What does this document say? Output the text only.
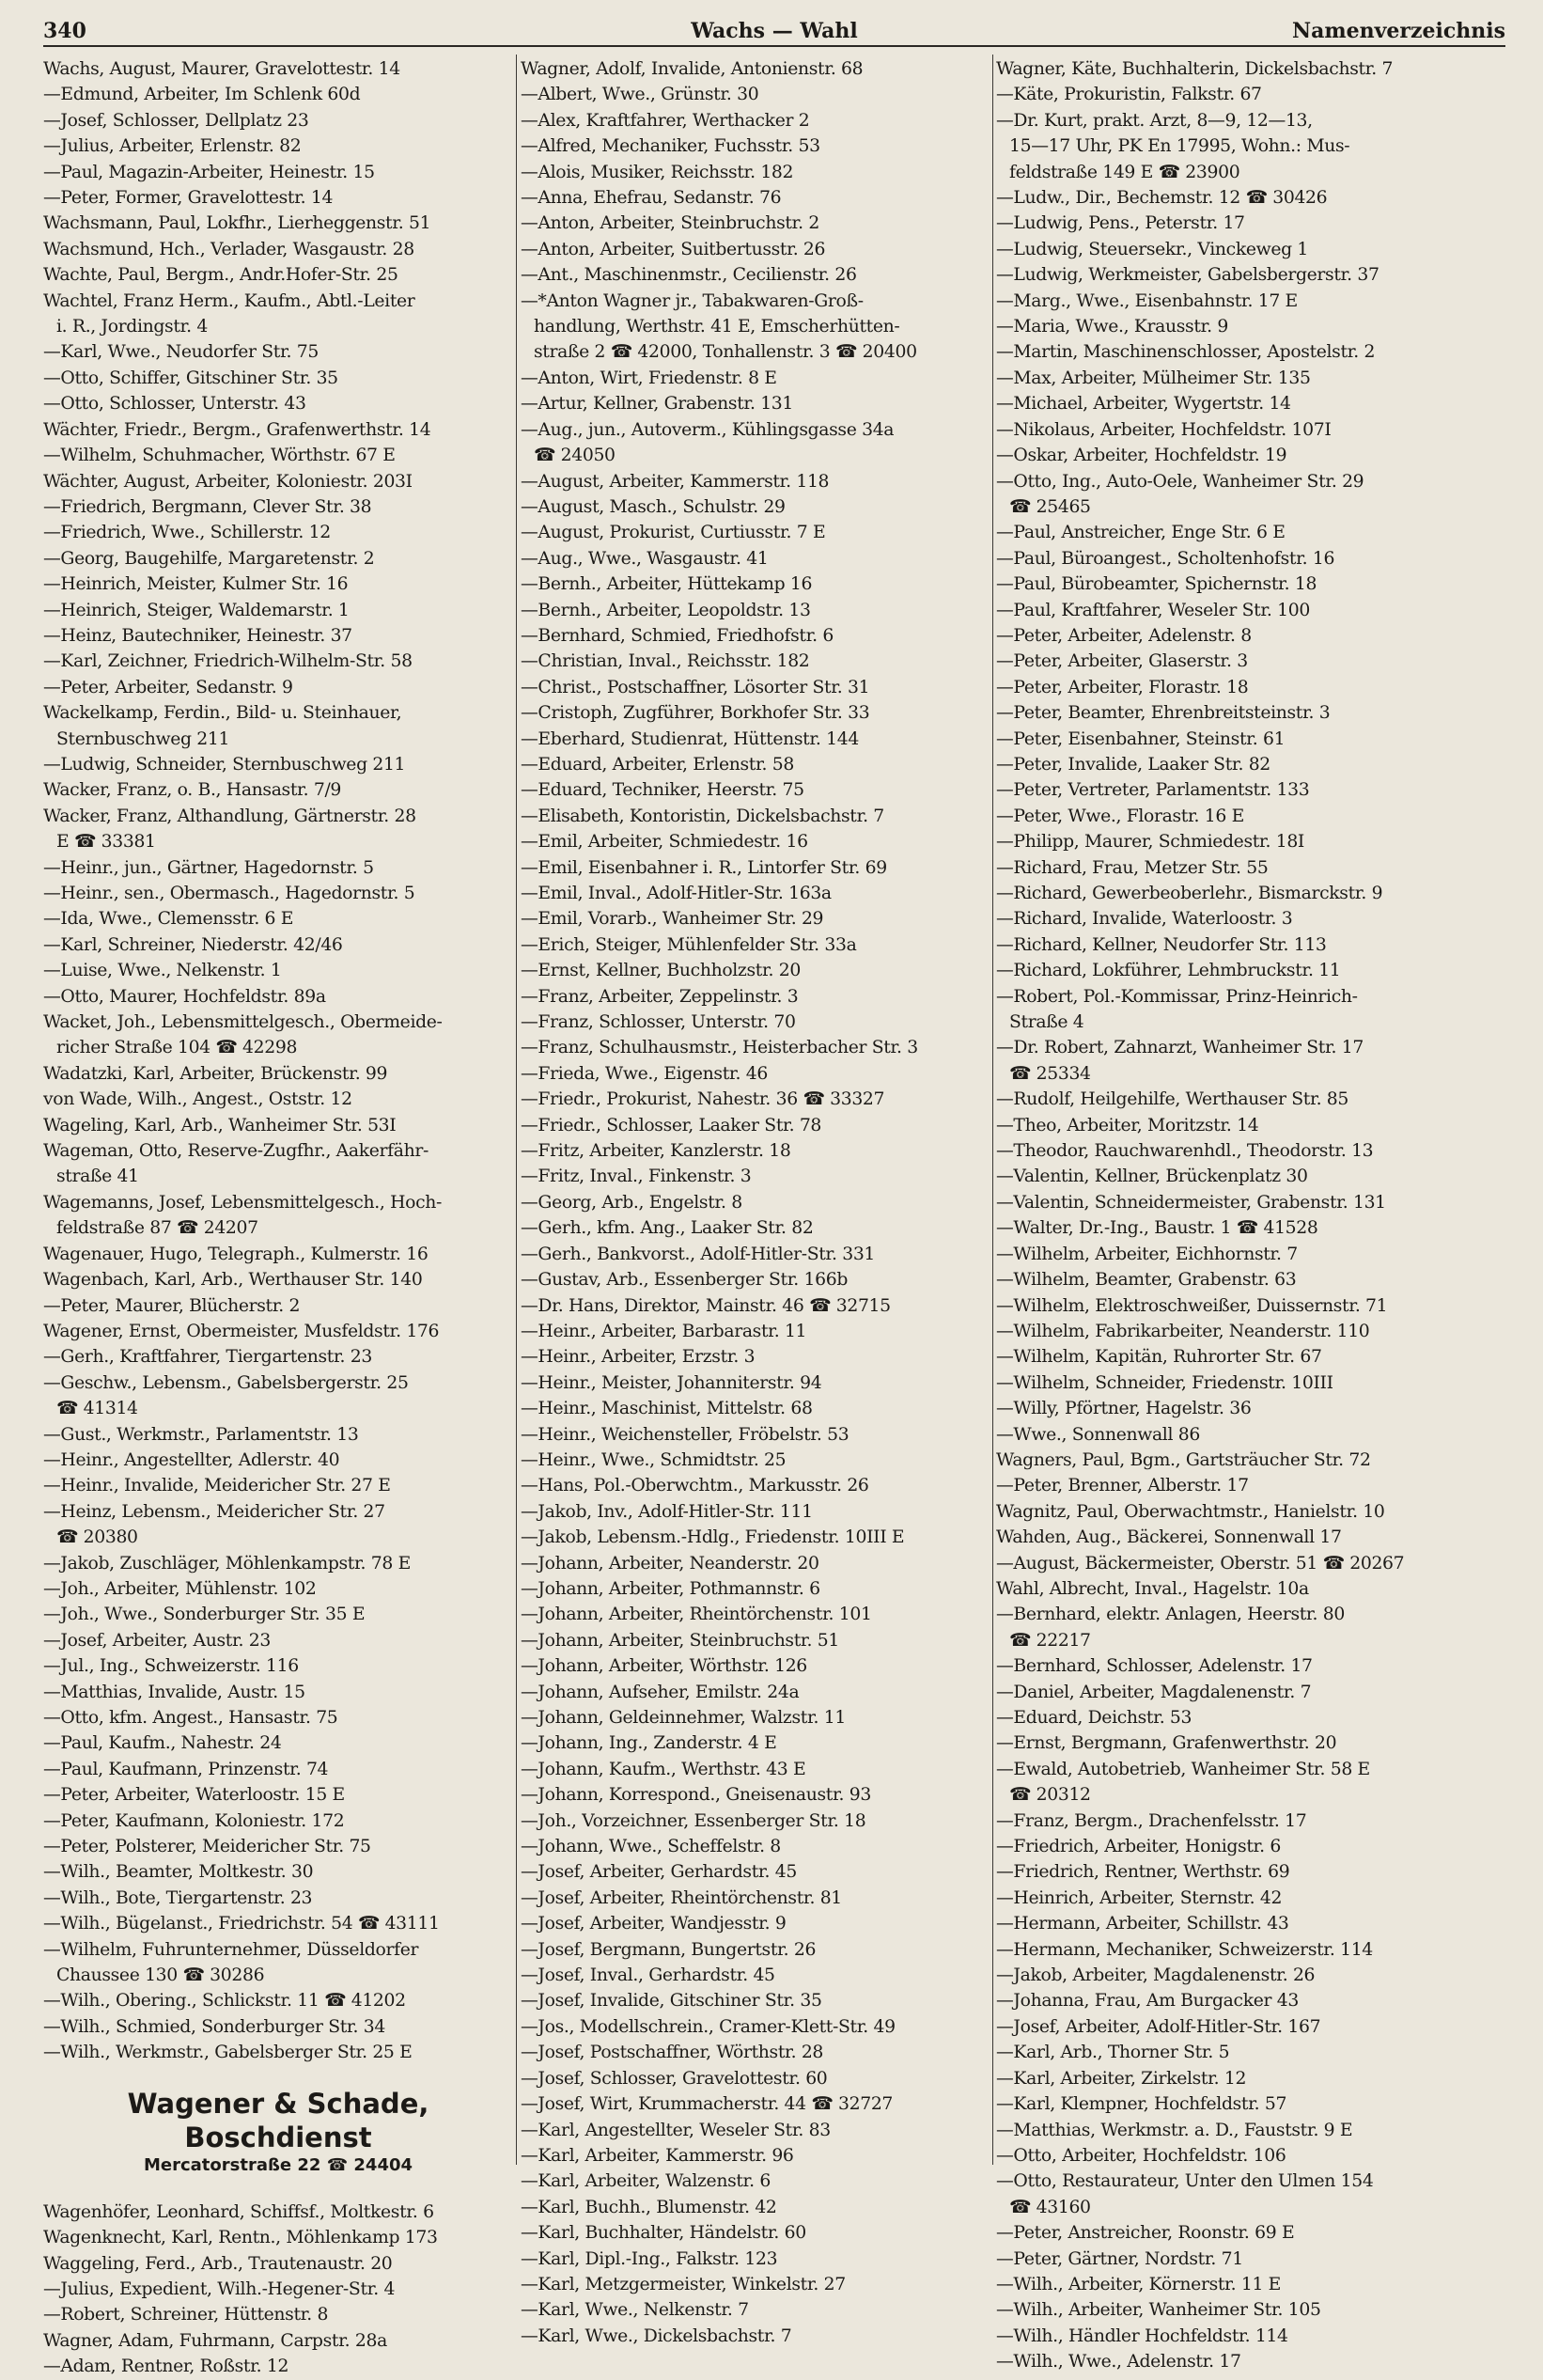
340	Wachs — Wahl	Namenverzeichnis
Wachs, August, Maurer, Gravelottestr. 14
—Edmund, Arbeiter, Im Schlenk 60d
—Josef, Schlosser, Dellplatz 23
—Julius, Arbeiter, Erlenstr. 82
—Paul, Magazin-Arbeiter, Heinestr. 15
—Peter, Former, Gravelottestr. 14
Wachsmann, Paul, Lokfhr., Lierheggenstr. 51
Wachsmund, Hch., Verlader, Wasgaustr. 28
Wachte, Paul, Bergm., Andr.Hofer-Str. 25
Wachtel, Franz Herm., Kaufm., Abtl.-Leiter
i. R., Jordingstr. 4
—Karl, Wwe., Neudorfer Str. 75
—Otto, Schiffer, Gitschiner Str. 35
—Otto, Schlosser, Unterstr. 43
Wächter, Friedr., Bergm., Grafenwerthstr. 14
—Wilhelm, Schuhmacher, Wörthstr. 67 E
Wächter, August, Arbeiter, Koloniestr. 203I
—Friedrich, Bergmann, Clever Str. 38
—Friedrich, Wwe., Schillerstr. 12
—Georg, Baugehilfe, Margaretenstr. 2
—Heinrich, Meister, Kulmer Str. 16
—Heinrich, Steiger, Waldemarstr. 1
—Heinz, Bautechniker, Heinestr. 37
—Karl, Zeichner, Friedrich-Wilhelm-Str. 58
—Peter, Arbeiter, Sedanstr. 9
Wackelkamp, Ferdin., Bild- u. Steinhauer,
Sternbuschweg 211
—Ludwig, Schneider, Sternbuschweg 211
Wacker, Franz, o. B., Hansastr. 7/9
Wacker, Franz, Althandlung, Gärtnerstr. 28
E ☎ 33381
—Heinr., jun., Gärtner, Hagedornstr. 5
—Heinr., sen., Obermasch., Hagedornstr. 5
—Ida, Wwe., Clemensstr. 6 E
—Karl, Schreiner, Niederstr. 42/46
—Luise, Wwe., Nelkenstr. 1
—Otto, Maurer, Hochfeldstr. 89a
Wacket, Joh., Lebensmittelgesch., Obermeide-
richer Straße 104 ☎ 42298
Wadatzki, Karl, Arbeiter, Brückenstr. 99
von Wade, Wilh., Angest., Oststr. 12
Wageling, Karl, Arb., Wanheimer Str. 53I
Wageman, Otto, Reserve-Zugfhr., Aakerfähr-
straße 41
Wagemanns, Josef, Lebensmittelgesch., Hoch-
feldstraße 87 ☎ 24207
Wagenauer, Hugo, Telegraph., Kulmerstr. 16
Wagenbach, Karl, Arb., Werthauser Str. 140
—Peter, Maurer, Blücherstr. 2
Wagener, Ernst, Obermeister, Musfeldstr. 176
—Gerh., Kraftfahrer, Tiergartenstr. 23
—Geschw., Lebensm., Gabelsbergerstr. 25
☎ 41314
—Gust., Werkmstr., Parlamentstr. 13
—Heinr., Angestellter, Adlerstr. 40
—Heinr., Invalide, Meidericher Str. 27 E
—Heinz, Lebensm., Meidericher Str. 27
☎ 20380
—Jakob, Zuschläger, Möhlenkampstr. 78 E
—Joh., Arbeiter, Mühlenstr. 102
—Joh., Wwe., Sonderburger Str. 35 E
—Josef, Arbeiter, Austr. 23
—Jul., Ing., Schweizerstr. 116
—Matthias, Invalide, Austr. 15
—Otto, kfm. Angest., Hansastr. 75
—Paul, Kaufm., Nahestr. 24
—Paul, Kaufmann, Prinzenstr. 74
—Peter, Arbeiter, Waterloostr. 15 E
—Peter, Kaufmann, Koloniestr. 172
—Peter, Polsterer, Meidericher Str. 75
—Wilh., Beamter, Moltkestr. 30
—Wilh., Bote, Tiergartenstr. 23
—Wilh., Bügelanst., Friedrichstr. 54 ☎ 43111
—Wilhelm, Fuhrunternehmer, Düsseldorfer
Chaussee 130 ☎ 30286
—Wilh., Obering., Schlickstr. 11 ☎ 41202
—Wilh., Schmied, Sonderburger Str. 34
—Wilh., Werkmstr., Gabelsberger Str. 25 E
Wagener & Schade, Boschdienst
Mercatorstraße 22 ☎ 24404
Wagenhöfer, Leonhard, Schiffsf., Moltkestr. 6
Wagenknecht, Karl, Rentn., Möhlenkamp 173
Waggeling, Ferd., Arb., Trautenaustr. 20
—Julius, Expedient, Wilh.-Hegener-Str. 4
—Robert, Schreiner, Hüttenstr. 8
Wagner, Adam, Fuhrmann, Carpstr. 28a
—Adam, Rentner, Roßstr. 12
Wagner, Adolf, Invalide, Antonienstr. 68
—Albert, Wwe., Grünstr. 30
—Alex, Kraftfahrer, Werthacker 2
—Alfred, Mechaniker, Fuchsstr. 53
—Alois, Musiker, Reichsstr. 182
—Anna, Ehefrau, Sedanstr. 76
—Anton, Arbeiter, Steinbruchstr. 2
—Anton, Arbeiter, Suitbertusstr. 26
—Ant., Maschinenmstr., Cecilienstr. 26
—*Anton Wagner jr., Tabakwaren-Groß-
handlung, Werthstr. 41 E, Emscherhütten-
straße 2 ☎ 42000, Tonhallenstr. 3 ☎ 20400
—Anton, Wirt, Friedenstr. 8 E
—Artur, Kellner, Grabenstr. 131
—Aug., jun., Autoverm., Kühlingsgasse 34a
☎ 24050
—August, Arbeiter, Kammerstr. 118
—August, Masch., Schulstr. 29
—August, Prokurist, Curtiusstr. 7 E
—Aug., Wwe., Wasgaustr. 41
—Bernh., Arbeiter, Hüttekamp 16
—Bernh., Arbeiter, Leopoldstr. 13
—Bernhard, Schmied, Friedhofstr. 6
—Christian, Inval., Reichsstr. 182
—Christ., Postschaffner, Lösorter Str. 31
—Cristoph, Zugführer, Borkhofer Str. 33
—Eberhard, Studienrat, Hüttenstr. 144
—Eduard, Arbeiter, Erlenstr. 58
—Eduard, Techniker, Heerstr. 75
—Elisabeth, Kontoristin, Dickelsbachstr. 7
—Emil, Arbeiter, Schmiedestr. 16
—Emil, Eisenbahner i. R., Lintorfer Str. 69
—Emil, Inval., Adolf-Hitler-Str. 163a
—Emil, Vorarb., Wanheimer Str. 29
—Erich, Steiger, Mühlenfelder Str. 33a
—Ernst, Kellner, Buchholzstr. 20
—Franz, Arbeiter, Zeppelinstr. 3
—Franz, Schlosser, Unterstr. 70
—Franz, Schulhausmstr., Heisterbacher Str. 3
—Frieda, Wwe., Eigenstr. 46
—Friedr., Prokurist, Nahestr. 36 ☎ 33327
—Friedr., Schlosser, Laaker Str. 78
—Fritz, Arbeiter, Kanzlerstr. 18
—Fritz, Inval., Finkenstr. 3
—Georg, Arb., Engelstr. 8
—Gerh., kfm. Ang., Laaker Str. 82
—Gerh., Bankvorst., Adolf-Hitler-Str. 331
—Gustav, Arb., Essenberger Str. 166b
—Dr. Hans, Direktor, Mainstr. 46 ☎ 32715
—Heinr., Arbeiter, Barbarastr. 11
—Heinr., Arbeiter, Erzstr. 3
—Heinr., Meister, Johanniterstr. 94
—Heinr., Maschinist, Mittelstr. 68
—Heinr., Weichensteller, Fröbelstr. 53
—Heinr., Wwe., Schmidtstr. 25
—Hans, Pol.-Oberwchtm., Markusstr. 26
—Jakob, Inv., Adolf-Hitler-Str. 111
—Jakob, Lebensm.-Hdlg., Friedenstr. 10III E
—Johann, Arbeiter, Neanderstr. 20
—Johann, Arbeiter, Pothmannstr. 6
—Johann, Arbeiter, Rheintörchenstr. 101
—Johann, Arbeiter, Steinbruchstr. 51
—Johann, Arbeiter, Wörthstr. 126
—Johann, Aufseher, Emilstr. 24a
—Johann, Geldeinnehmer, Walzstr. 11
—Johann, Ing., Zanderstr. 4 E
—Johann, Kaufm., Werthstr. 43 E
—Johann, Korrespond., Gneisenaustr. 93
—Joh., Vorzeichner, Essenberger Str. 18
—Johann, Wwe., Scheffelstr. 8
—Josef, Arbeiter, Gerhardstr. 45
—Josef, Arbeiter, Rheintörchenstr. 81
—Josef, Arbeiter, Wandjesstr. 9
—Josef, Bergmann, Bungertstr. 26
—Josef, Inval., Gerhardstr. 45
—Josef, Invalide, Gitschiner Str. 35
—Jos., Modellschrein., Cramer-Klett-Str. 49
—Josef, Postschaffner, Wörthstr. 28
—Josef, Schlosser, Gravelottestr. 60
—Josef, Wirt, Krummacherstr. 44 ☎ 32727
—Karl, Angestellter, Weseler Str. 83
—Karl, Arbeiter, Kammerstr. 96
—Karl, Arbeiter, Walzenstr. 6
—Karl, Buchh., Blumenstr. 42
—Karl, Buchhalter, Händelstr. 60
—Karl, Dipl.-Ing., Falkstr. 123
—Karl, Metzgermeister, Winkelstr. 27
—Karl, Wwe., Nelkenstr. 7
—Karl, Wwe., Dickelsbachstr. 7
Wagner, Käte, Buchhalterin, Dickelsbachstr. 7
—Käte, Prokuristin, Falkstr. 67
—Dr. Kurt, prakt. Arzt, 8—9, 12—13,
15—17 Uhr, PK En 17995, Wohn.: Mus-
feldstraße 149 E ☎ 23900
—Ludw., Dir., Bechemstr. 12 ☎ 30426
—Ludwig, Pens., Peterstr. 17
—Ludwig, Steuersekr., Vinckeweg 1
—Ludwig, Werkmeister, Gabelsbergerstr. 37
—Marg., Wwe., Eisenbahnstr. 17 E
—Maria, Wwe., Krausstr. 9
—Martin, Maschinenschlosser, Apostelstr. 2
—Max, Arbeiter, Mülheimer Str. 135
—Michael, Arbeiter, Wygertstr. 14
—Nikolaus, Arbeiter, Hochfeldstr. 107I
—Oskar, Arbeiter, Hochfeldstr. 19
—Otto, Ing., Auto-Oele, Wanheimer Str. 29
☎ 25465
—Paul, Anstreicher, Enge Str. 6 E
—Paul, Büroangest., Scholtenhofstr. 16
—Paul, Bürobeamter, Spichernstr. 18
—Paul, Kraftfahrer, Weseler Str. 100
—Peter, Arbeiter, Adelenstr. 8
—Peter, Arbeiter, Glaserstr. 3
—Peter, Arbeiter, Florastr. 18
—Peter, Beamter, Ehrenbreitsteinstr. 3
—Peter, Eisenbahner, Steinstr. 61
—Peter, Invalide, Laaker Str. 82
—Peter, Vertreter, Parlamentstr. 133
—Peter, Wwe., Florastr. 16 E
—Philipp, Maurer, Schmiedestr. 18I
—Richard, Frau, Metzer Str. 55
—Richard, Gewerbeoberlehr., Bismarckstr. 9
—Richard, Invalide, Waterloostr. 3
—Richard, Kellner, Neudorfer Str. 113
—Richard, Lokführer, Lehmbruckstr. 11
—Robert, Pol.-Kommissar, Prinz-Heinrich-
Straße 4
—Dr. Robert, Zahnarzt, Wanheimer Str. 17
☎ 25334
—Rudolf, Heilgehilfe, Werthauser Str. 85
—Theo, Arbeiter, Moritzstr. 14
—Theodor, Rauchwarenhdl., Theodorstr. 13
—Valentin, Kellner, Brückenplatz 30
—Valentin, Schneidermeister, Grabenstr. 131
—Walter, Dr.-Ing., Baustr. 1 ☎ 41528
—Wilhelm, Arbeiter, Eichhornstr. 7
—Wilhelm, Beamter, Grabenstr. 63
—Wilhelm, Elektroschweißer, Duissernstr. 71
—Wilhelm, Fabrikarbeiter, Neanderstr. 110
—Wilhelm, Kapitän, Ruhrorter Str. 67
—Wilhelm, Schneider, Friedenstr. 10III
—Willy, Pförtner, Hagelstr. 36
—Wwe., Sonnenwall 86
Wagners, Paul, Bgm., Gartsträucher Str. 72
—Peter, Brenner, Alberstr. 17
Wagnitz, Paul, Oberwachtmstr., Hanielstr. 10
Wahden, Aug., Bäckerei, Sonnenwall 17
—August, Bäckermeister, Oberstr. 51 ☎ 20267
Wahl, Albrecht, Inval., Hagelstr. 10a
—Bernhard, elektr. Anlagen, Heerstr. 80
☎ 22217
—Bernhard, Schlosser, Adelenstr. 17
—Daniel, Arbeiter, Magdalenenstr. 7
—Eduard, Deichstr. 53
—Ernst, Bergmann, Grafenwerthstr. 20
—Ewald, Autobetrieb, Wanheimer Str. 58 E
☎ 20312
—Franz, Bergm., Drachenfelsstr. 17
—Friedrich, Arbeiter, Honigstr. 6
—Friedrich, Rentner, Werthstr. 69
—Heinrich, Arbeiter, Sternstr. 42
—Hermann, Arbeiter, Schillstr. 43
—Hermann, Mechaniker, Schweizerstr. 114
—Jakob, Arbeiter, Magdalenenstr. 26
—Johanna, Frau, Am Burgacker 43
—Josef, Arbeiter, Adolf-Hitler-Str. 167
—Karl, Arb., Thorner Str. 5
—Karl, Arbeiter, Zirkelstr. 12
—Karl, Klempner, Hochfeldstr. 57
—Matthias, Werkmstr. a. D., Fauststr. 9 E
—Otto, Arbeiter, Hochfeldstr. 106
—Otto, Restaurateur, Unter den Ulmen 154
☎ 43160
—Peter, Anstreicher, Roonstr. 69 E
—Peter, Gärtner, Nordstr. 71
—Wilh., Arbeiter, Körnerstr. 11 E
—Wilh., Arbeiter, Wanheimer Str. 105
—Wilh., Händler Hochfeldstr. 114
—Wilh., Wwe., Adelenstr. 17
